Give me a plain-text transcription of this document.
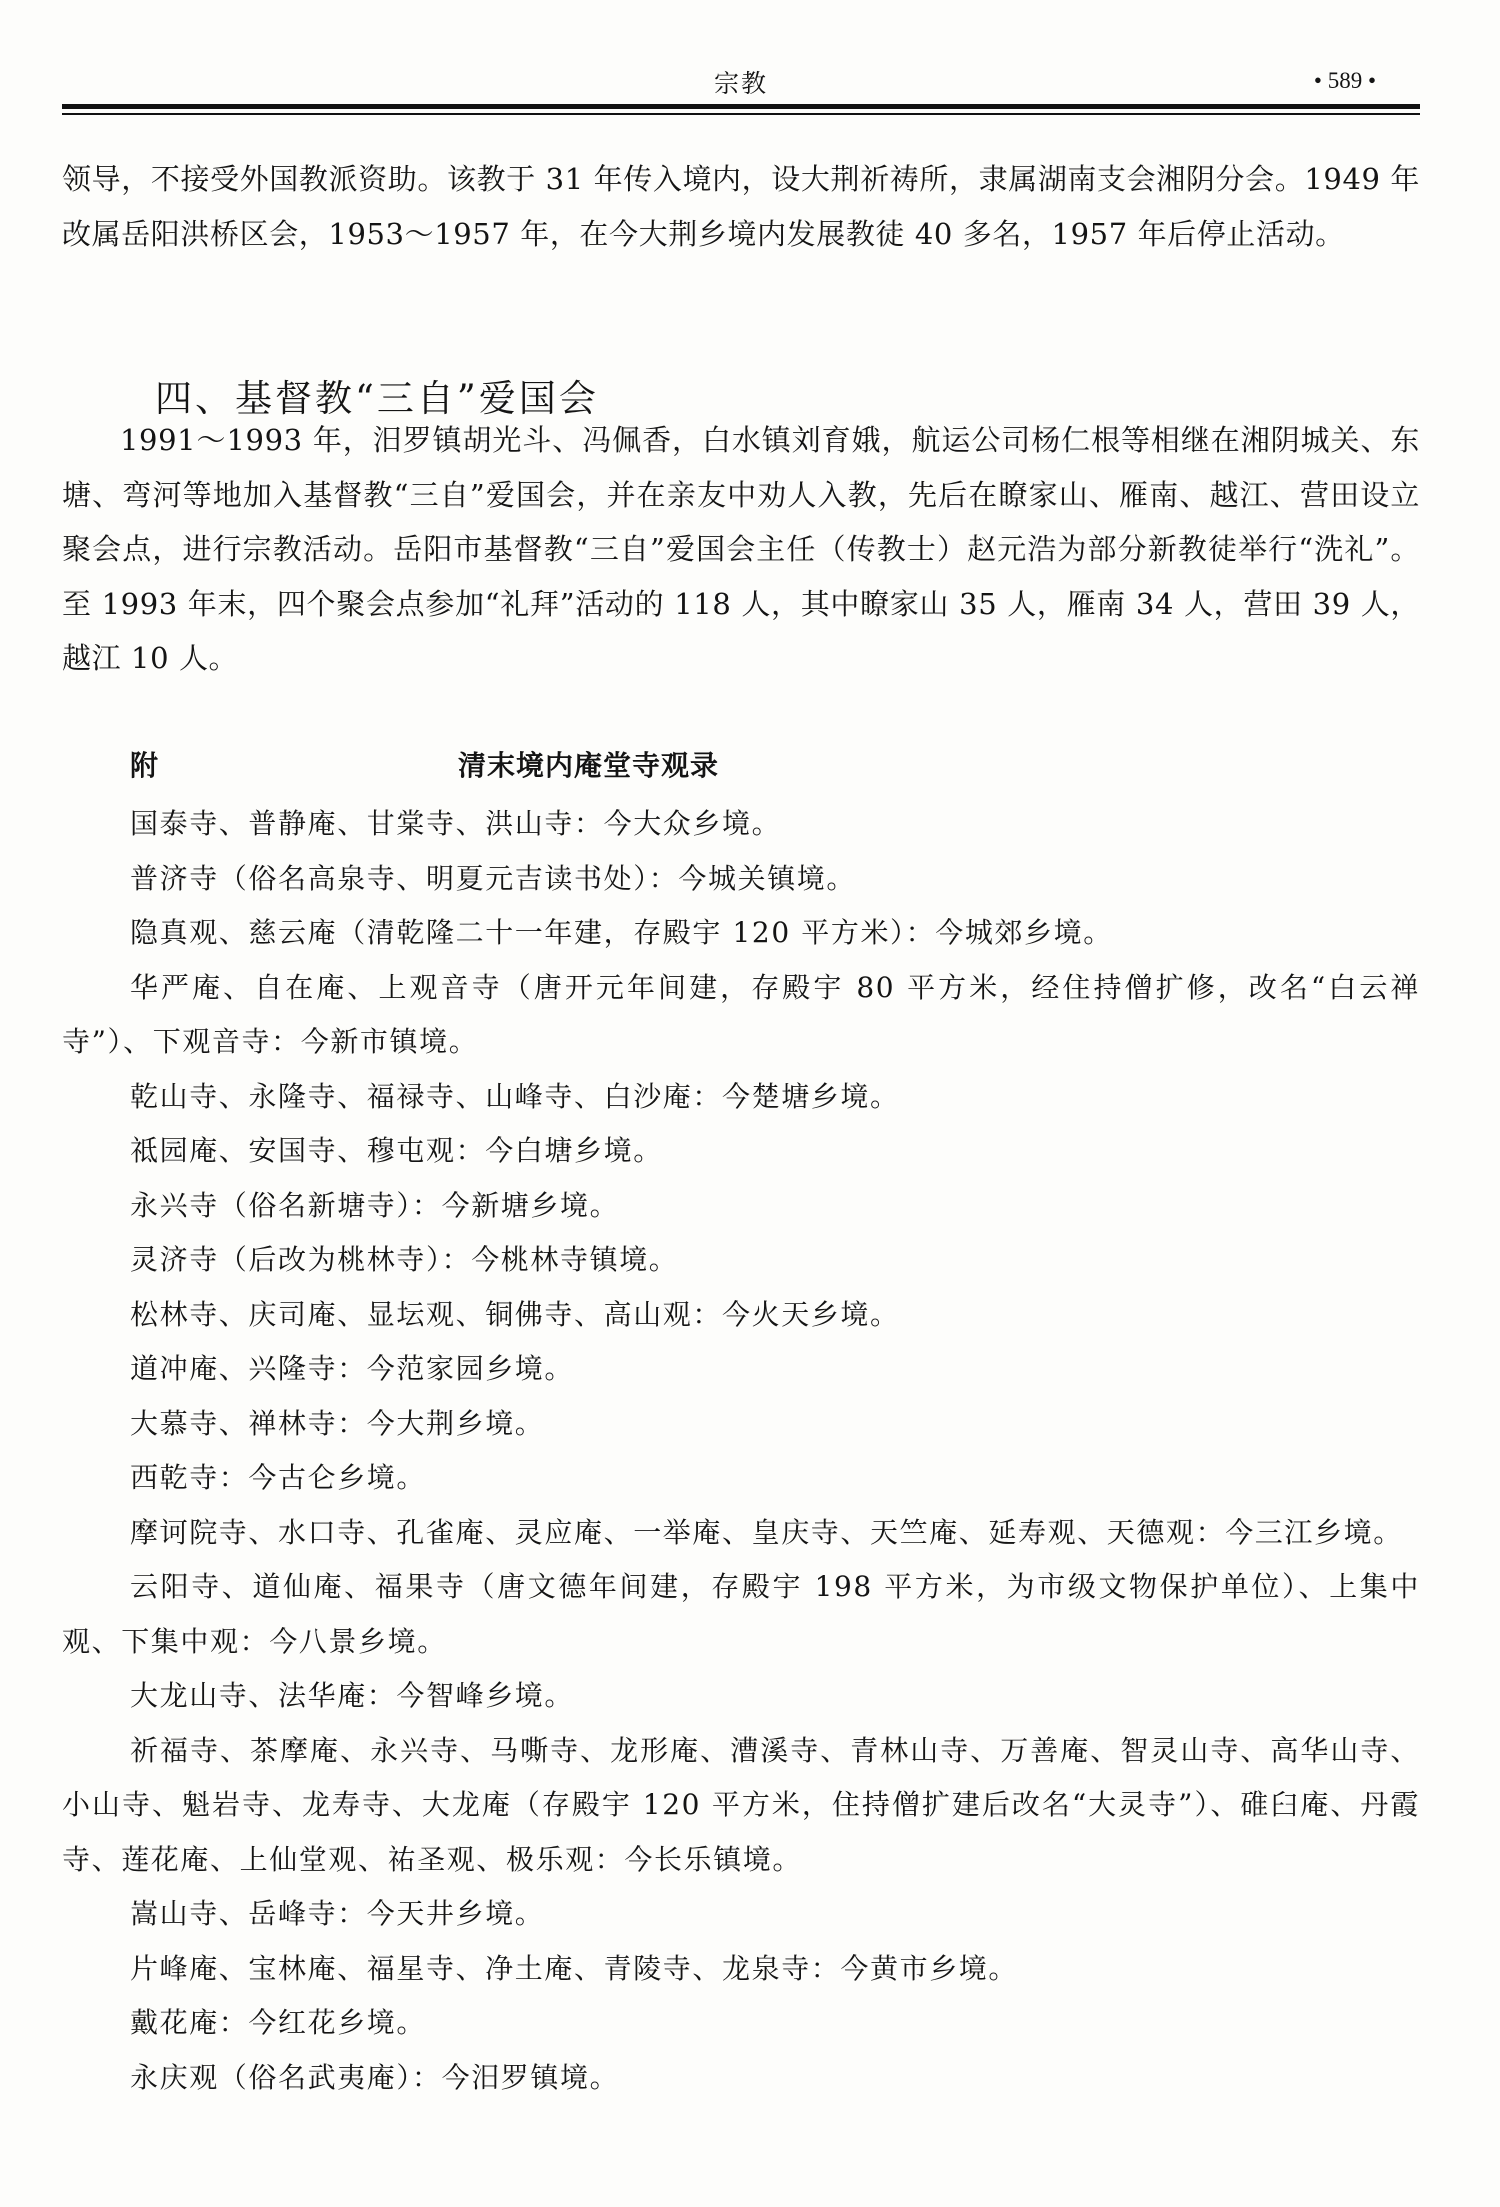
宗教	• 589 •

领导，不接受外国教派资助。该教于 31 年传入境内，设大荆祈祷所，隶属湖南支会湘阴分会。1949 年改属岳阳洪桥区会，1953～1957 年，在今大荆乡境内发展教徒 40 多名，1957 年后停止活动。

四、基督教“三自”爱国会

1991～1993 年，汨罗镇胡光斗、冯佩香，白水镇刘育娥，航运公司杨仁根等相继在湘阴城关、东塘、弯河等地加入基督教“三自”爱国会，并在亲友中劝人入教，先后在瞭家山、雁南、越江、营田设立聚会点，进行宗教活动。岳阳市基督教“三自”爱国会主任（传教士）赵元浩为部分新教徒举行“洗礼”。至 1993 年末，四个聚会点参加“礼拜”活动的 118 人，其中瞭家山 35 人，雁南 34 人，营田 39 人，越江 10 人。

附	清末境内庵堂寺观录

国泰寺、普静庵、甘棠寺、洪山寺：今大众乡境。

普济寺（俗名高泉寺、明夏元吉读书处）：今城关镇境。

隐真观、慈云庵（清乾隆二十一年建，存殿宇 120 平方米）：今城郊乡境。

华严庵、自在庵、上观音寺（唐开元年间建，存殿宇 80 平方米，经住持僧扩修，改名“白云禅寺”）、下观音寺：今新市镇境。

乾山寺、永隆寺、福禄寺、山峰寺、白沙庵：今楚塘乡境。

祗园庵、安国寺、穆屯观：今白塘乡境。

永兴寺（俗名新塘寺）：今新塘乡境。

灵济寺（后改为桃林寺）：今桃林寺镇境。

松林寺、庆司庵、显坛观、铜佛寺、高山观：今火天乡境。

道冲庵、兴隆寺：今范家园乡境。

大慕寺、禅林寺：今大荆乡境。

西乾寺：今古仑乡境。

摩诃院寺、水口寺、孔雀庵、灵应庵、一举庵、皇庆寺、天竺庵、延寿观、天德观：今三江乡境。

云阳寺、道仙庵、福果寺（唐文德年间建，存殿宇 198 平方米，为市级文物保护单位）、上集中观、下集中观：今八景乡境。

大龙山寺、法华庵：今智峰乡境。

祈福寺、茶摩庵、永兴寺、马嘶寺、龙形庵、漕溪寺、青林山寺、万善庵、智灵山寺、高华山寺、小山寺、魁岩寺、龙寿寺、大龙庵（存殿宇 120 平方米，住持僧扩建后改名“大灵寺”）、碓臼庵、丹霞寺、莲花庵、上仙堂观、祐圣观、极乐观：今长乐镇境。

嵩山寺、岳峰寺：今天井乡境。

片峰庵、宝林庵、福星寺、净土庵、青陵寺、龙泉寺：今黄市乡境。

戴花庵：今红花乡境。

永庆观（俗名武夷庵）：今汨罗镇境。
